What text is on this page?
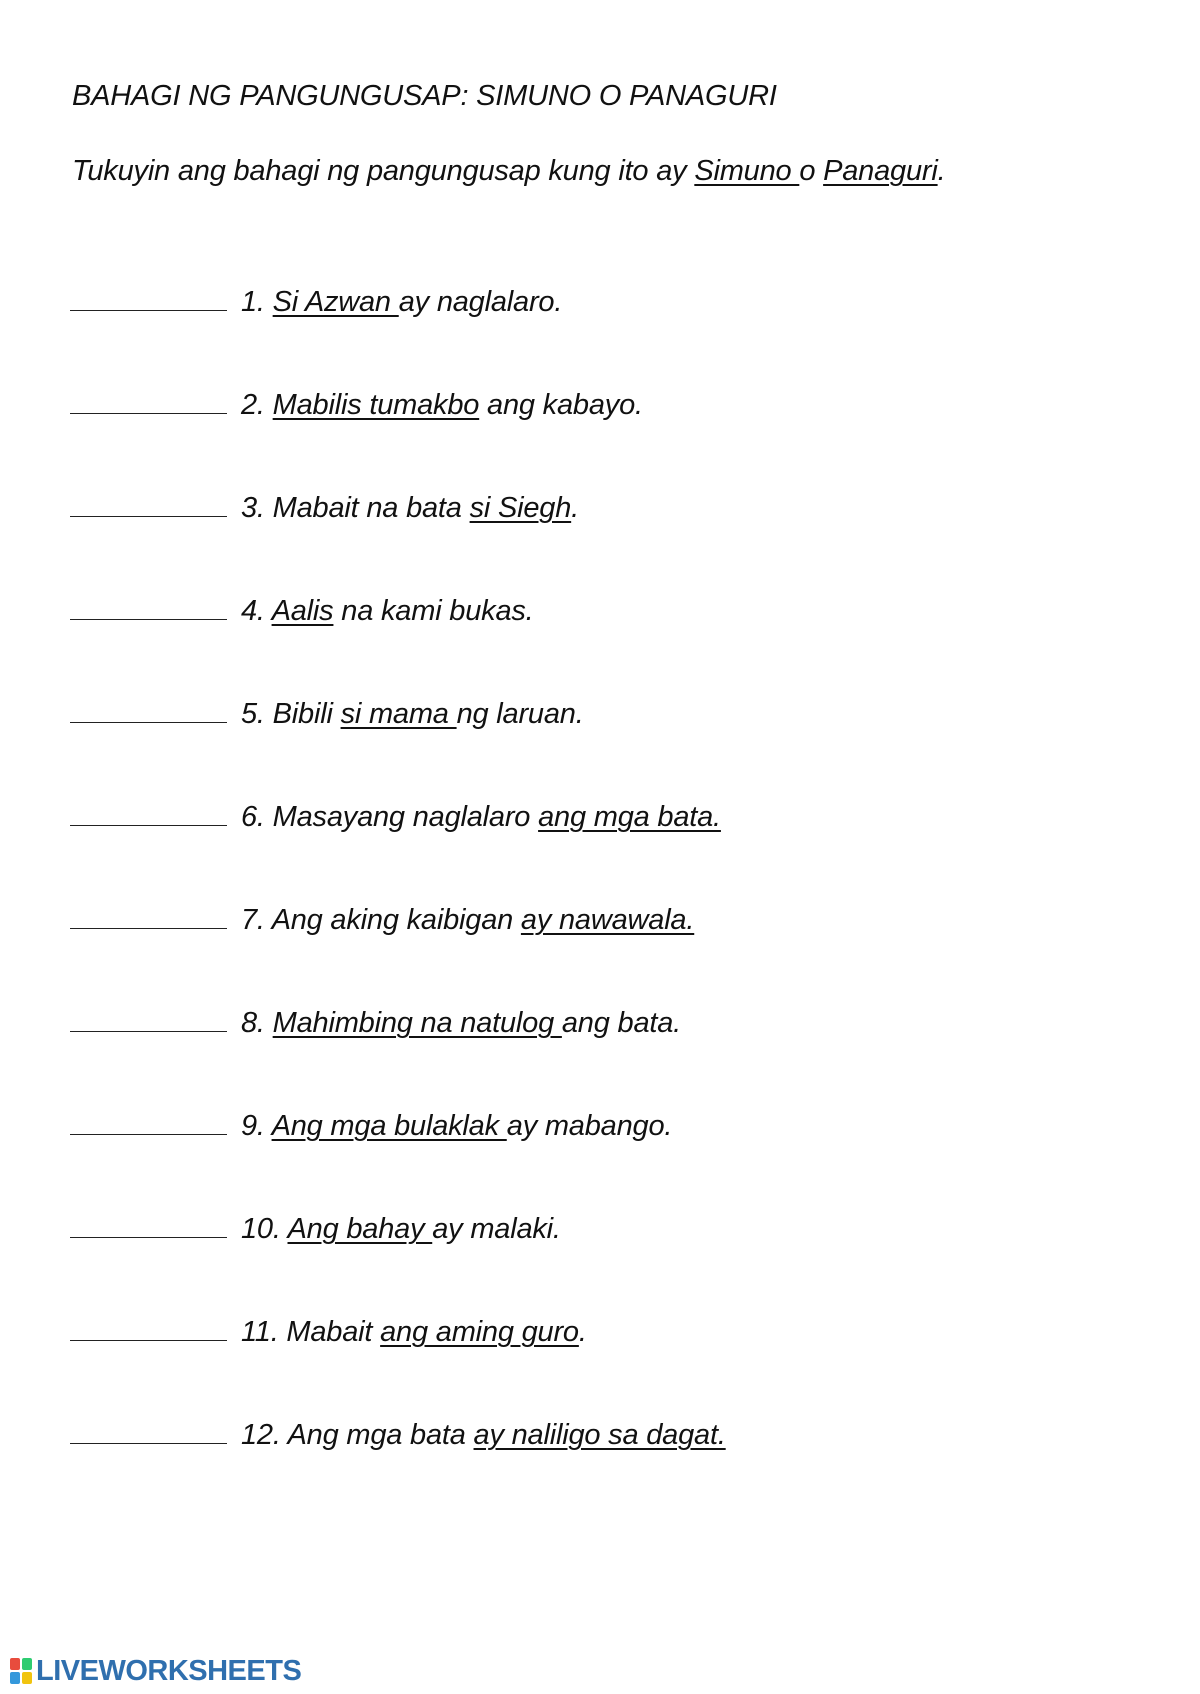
BAHAGI NG PANGUNGUSAP: SIMUNO O PANAGURI
Tukuyin ang bahagi ng pangungusap kung ito ay Simuno o Panaguri.
1. Si Azwan ay naglalaro.
2. Mabilis tumakbo ang kabayo.
3. Mabait na bata si Siegh.
4. Aalis na kami bukas.
5. Bibili si mama ng laruan.
6. Masayang naglalaro ang mga bata.
7. Ang aking kaibigan ay nawawala.
8. Mahimbing na natulog ang bata.
9. Ang mga bulaklak ay mabango.
10. Ang bahay ay malaki.
11. Mabait ang aming guro.
12. Ang mga bata ay naliligo sa dagat.
LIVEWORKSHEETS
